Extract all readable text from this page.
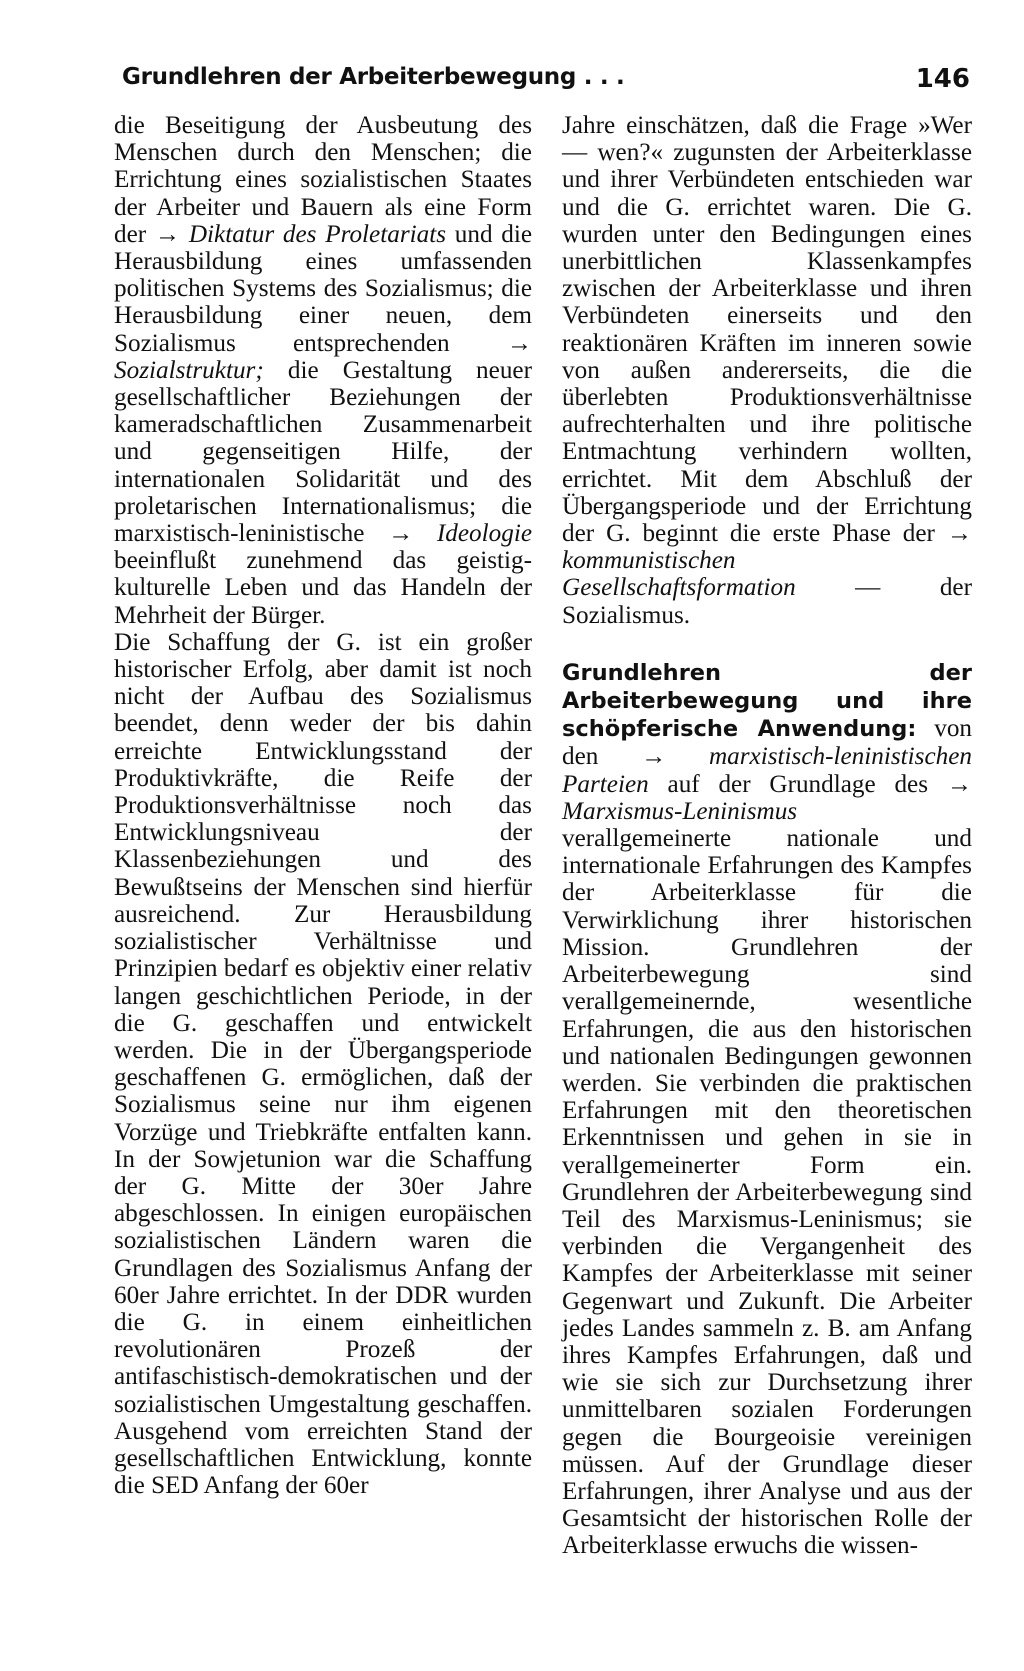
Grundlehren der Arbeiterbewegung . . .	146

die Beseitigung der Ausbeutung des Menschen durch den Menschen; die Errichtung eines sozialistischen Staates der Arbeiter und Bauern als eine Form der → Diktatur des Proletariats und die Herausbildung eines umfassenden politischen Systems des Sozialismus; die Herausbildung einer neuen, dem Sozialismus entsprechenden → Sozialstruktur; die Gestaltung neuer gesellschaftlicher Beziehungen der kameradschaftlichen Zusammenarbeit und gegenseitigen Hilfe, der internationalen Solidarität und des proletarischen Internationalismus; die marxistisch-leninistische → Ideologie beeinflußt zunehmend das geistig-kulturelle Leben und das Handeln der Mehrheit der Bürger.

Die Schaffung der G. ist ein großer historischer Erfolg, aber damit ist noch nicht der Aufbau des Sozialismus beendet, denn weder der bis dahin erreichte Entwicklungsstand der Produktivkräfte, die Reife der Produktionsverhältnisse noch das Entwicklungsniveau der Klassenbeziehungen und des Bewußtseins der Menschen sind hierfür ausreichend. Zur Herausbildung sozialistischer Verhältnisse und Prinzipien bedarf es objektiv einer relativ langen geschichtlichen Periode, in der die G. geschaffen und entwickelt werden. Die in der Übergangsperiode geschaffenen G. ermöglichen, daß der Sozialismus seine nur ihm eigenen Vorzüge und Triebkräfte entfalten kann. In der Sowjetunion war die Schaffung der G. Mitte der 30er Jahre abgeschlossen. In einigen europäischen sozialistischen Ländern waren die Grundlagen des Sozialismus Anfang der 60er Jahre errichtet. In der DDR wurden die G. in einem einheitlichen revolutionären Prozeß der antifaschistisch-demokratischen und der sozialistischen Umgestaltung geschaffen. Ausgehend vom erreichten Stand der gesellschaftlichen Entwicklung, konnte die SED Anfang der 60er

Jahre einschätzen, daß die Frage »Wer — wen?« zugunsten der Arbeiterklasse und ihrer Verbündeten entschieden war und die G. errichtet waren. Die G. wurden unter den Bedingungen eines unerbittlichen Klassenkampfes zwischen der Arbeiterklasse und ihren Verbündeten einerseits und den reaktionären Kräften im inneren sowie von außen andererseits, die die überlebten Produktionsverhältnisse aufrechterhalten und ihre politische Entmachtung verhindern wollten, errichtet. Mit dem Abschluß der Übergangsperiode und der Errichtung der G. beginnt die erste Phase der → kommunistischen Gesellschaftsformation — der Sozialismus.

Grundlehren der Arbeiterbewegung und ihre schöpferische Anwendung: von den → marxistisch-leninistischen Parteien auf der Grundlage des → Marxismus-Leninismus verallgemeinerte nationale und internationale Erfahrungen des Kampfes der Arbeiterklasse für die Verwirklichung ihrer historischen Mission. Grundlehren der Arbeiterbewegung sind verallgemeinernde, wesentliche Erfahrungen, die aus den historischen und nationalen Bedingungen gewonnen werden. Sie verbinden die praktischen Erfahrungen mit den theoretischen Erkenntnissen und gehen in sie in verallgemeinerter Form ein. Grundlehren der Arbeiterbewegung sind Teil des Marxismus-Leninismus; sie verbinden die Vergangenheit des Kampfes der Arbeiterklasse mit seiner Gegenwart und Zukunft. Die Arbeiter jedes Landes sammeln z. B. am Anfang ihres Kampfes Erfahrungen, daß und wie sie sich zur Durchsetzung ihrer unmittelbaren sozialen Forderungen gegen die Bourgeoisie vereinigen müssen. Auf der Grundlage dieser Erfahrungen, ihrer Analyse und aus der Gesamtsicht der historischen Rolle der Arbeiterklasse erwuchs die wissen-
